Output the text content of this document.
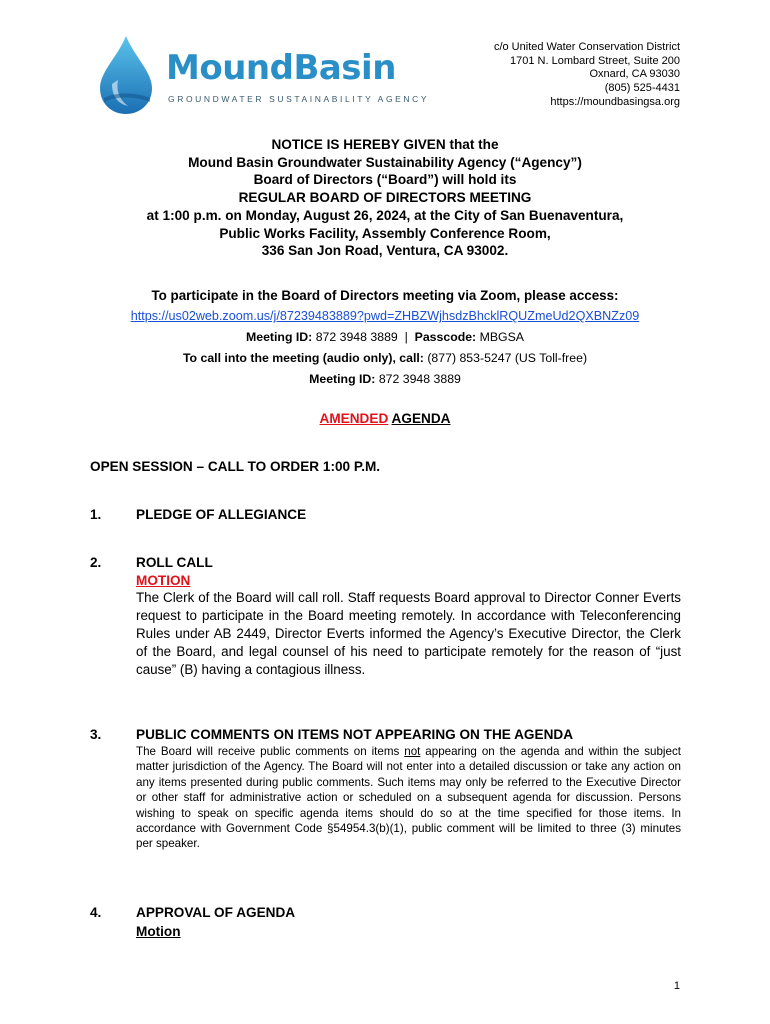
MoundBasin
GROUNDWATER SUSTAINABILITY AGENCY
c/o United Water Conservation District
1701 N. Lombard Street, Suite 200
Oxnard, CA 93030
(805) 525-4431
https://moundbasingsa.org
NOTICE IS HEREBY GIVEN that the
Mound Basin Groundwater Sustainability Agency (“Agency”)
Board of Directors (“Board”) will hold its
REGULAR BOARD OF DIRECTORS MEETING
at 1:00 p.m. on Monday, August 26, 2024, at the City of San Buenaventura,
Public Works Facility, Assembly Conference Room,
336 San Jon Road, Ventura, CA 93002.
To participate in the Board of Directors meeting via Zoom, please access:
https://us02web.zoom.us/j/87239483889?pwd=ZHBZWjhsdzBhcklRQUZmeUd2QXBNZz09
Meeting ID: 872 3948 3889 | Passcode: MBGSA
To call into the meeting (audio only), call: (877) 853-5247 (US Toll-free)
Meeting ID: 872 3948 3889
AMENDED AGENDA
OPEN SESSION – CALL TO ORDER 1:00 P.M.
1.	PLEDGE OF ALLEGIANCE
2.	ROLL CALL
MOTION
The Clerk of the Board will call roll. Staff requests Board approval to Director Conner Everts request to participate in the Board meeting remotely. In accordance with Teleconferencing Rules under AB 2449, Director Everts informed the Agency’s Executive Director, the Clerk of the Board, and legal counsel of his need to participate remotely for the reason of “just cause” (B) having a contagious illness.
3.	PUBLIC COMMENTS ON ITEMS NOT APPEARING ON THE AGENDA
The Board will receive public comments on items not appearing on the agenda and within the subject matter jurisdiction of the Agency. The Board will not enter into a detailed discussion or take any action on any items presented during public comments. Such items may only be referred to the Executive Director or other staff for administrative action or scheduled on a subsequent agenda for discussion. Persons wishing to speak on specific agenda items should do so at the time specified for those items. In accordance with Government Code §54954.3(b)(1), public comment will be limited to three (3) minutes per speaker.
4.	APPROVAL OF AGENDA
Motion
1
